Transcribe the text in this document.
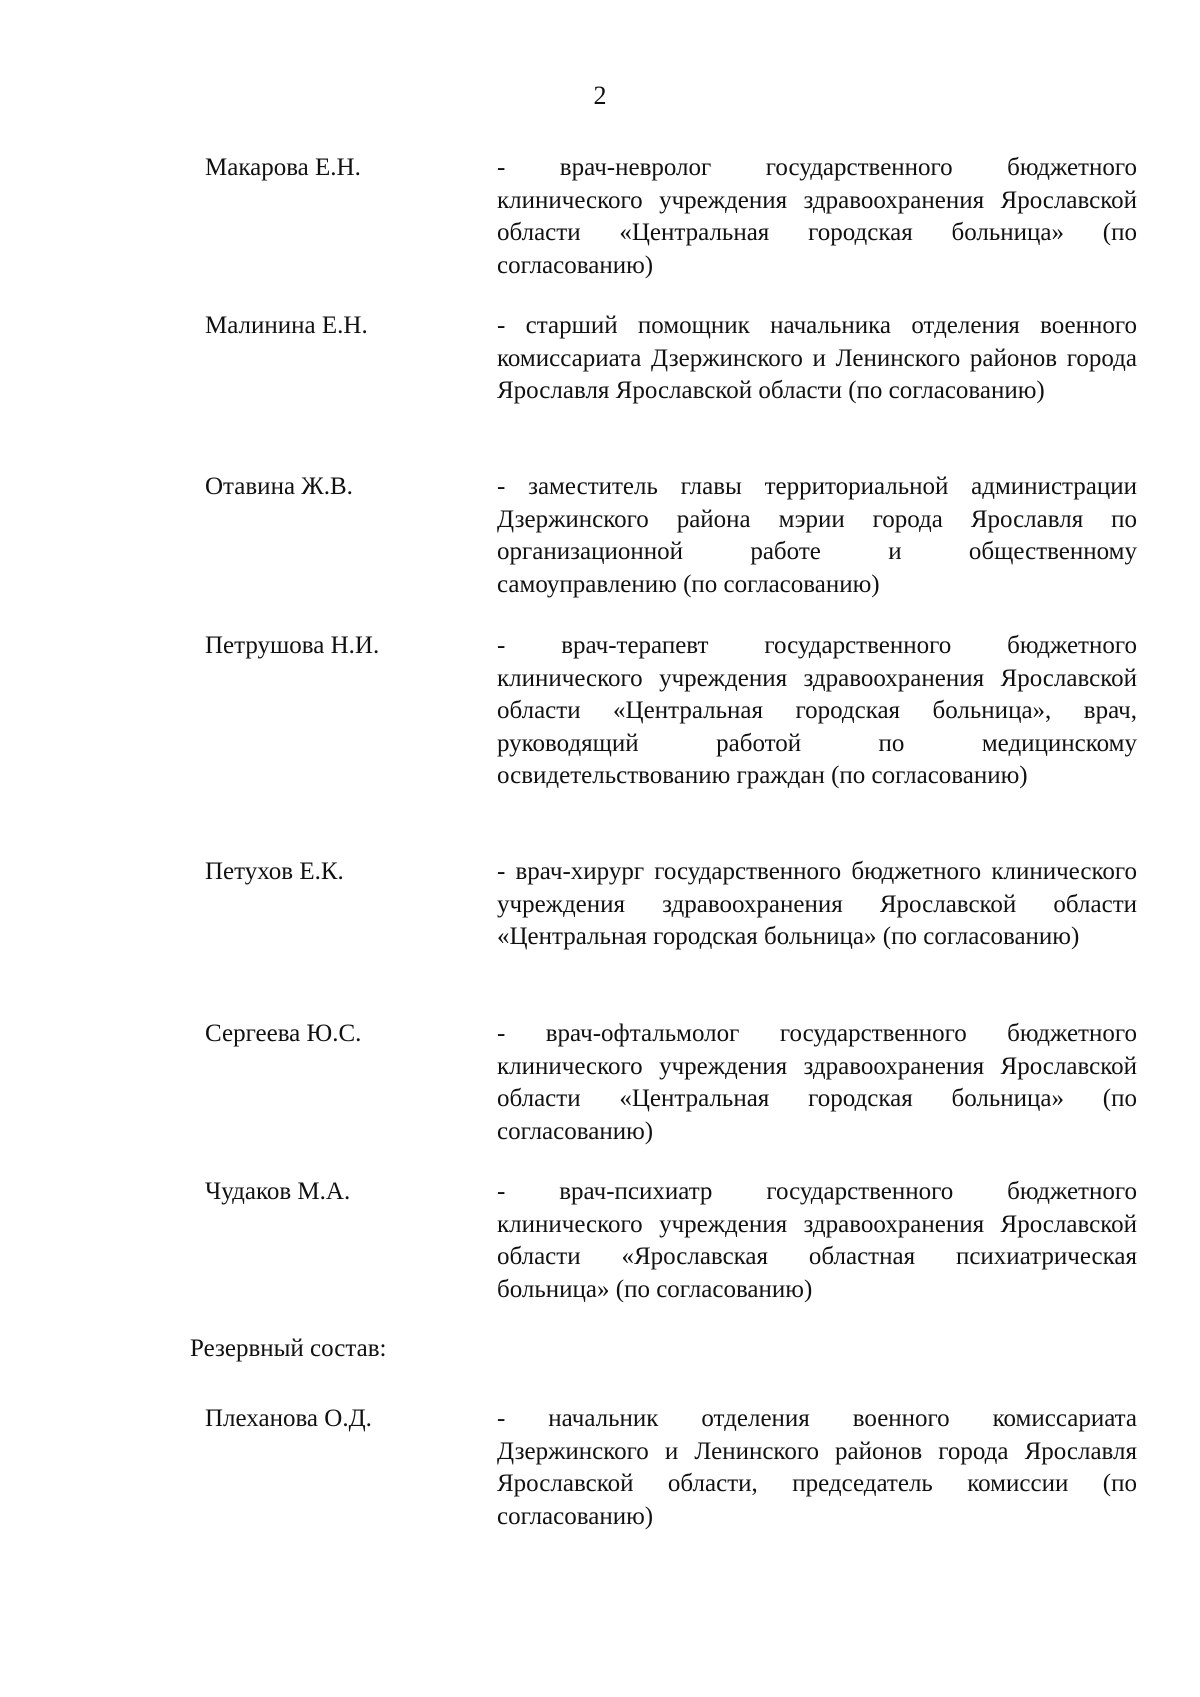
2
Макарова Е.Н.	- врач-невролог государственного бюджетного клинического учреждения здравоохранения Ярославской области «Центральная городская больница» (по согласованию)
Малинина Е.Н.	- старший помощник начальника отделения военного комиссариата Дзержинского и Ленинского районов города Ярославля Ярославской области (по согласованию)
Отавина Ж.В.	- заместитель главы территориальной администрации Дзержинского района мэрии города Ярославля по организационной работе и общественному самоуправлению (по согласованию)
Петрушова Н.И.	- врач-терапевт государственного бюджетного клинического учреждения здравоохранения Ярославской области «Центральная городская больница», врач, руководящий работой по медицинскому освидетельствованию граждан (по согласованию)
Петухов Е.К.	- врач-хирург государственного бюджетного клинического учреждения здравоохранения Ярославской области «Центральная городская больница» (по согласованию)
Сергеева Ю.С.	- врач-офтальмолог государственного бюджетного клинического учреждения здравоохранения Ярославской области «Центральная городская больница» (по согласованию)
Чудаков М.А.	- врач-психиатр государственного бюджетного клинического учреждения здравоохранения Ярославской области «Ярославская областная психиатрическая больница» (по согласованию)
Резервный состав:
Плеханова О.Д.	- начальник отделения военного комиссариата Дзержинского и Ленинского районов города Ярославля Ярославской области, председатель комиссии (по согласованию)
